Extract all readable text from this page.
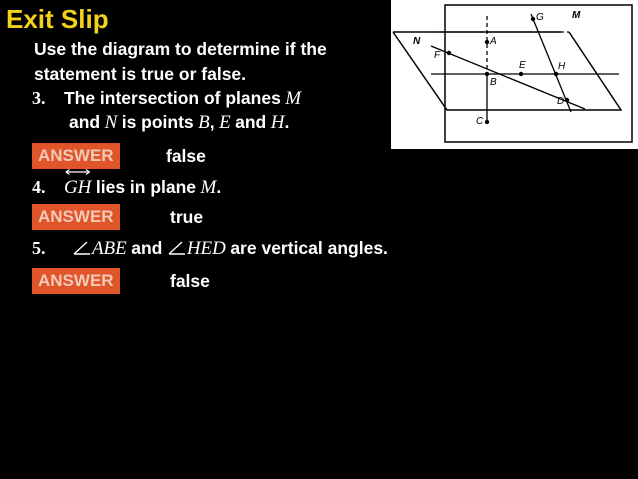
Exit Slip
Use the diagram to determine if the
statement is true or false.
3. The intersection of planes M
and N is points B, E and H.
ANSWER	false
4. GH lies in plane M.
ANSWER	true
5. ABE and HED are vertical angles.
ANSWER	false
M
N
G
A
F
E	H
B
D
C
